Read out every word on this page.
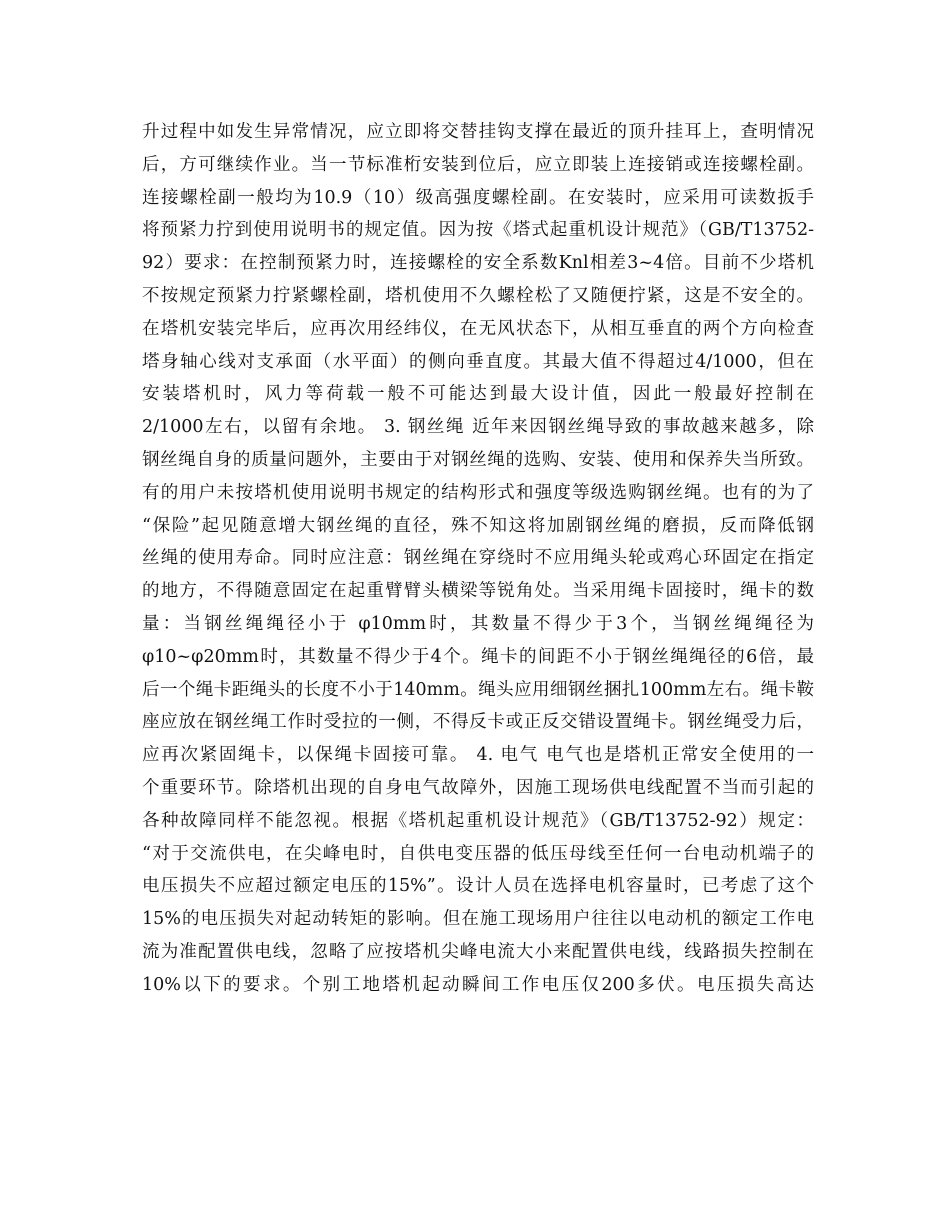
升过程中如发生异常情况，应立即将交替挂钩支撑在最近的顶升挂耳上，查明情况
后，方可继续作业。当一节标准桁安装到位后，应立即装上连接销或连接螺栓副。
连接螺栓副一般均为10.9（10）级高强度螺栓副。在安装时，应采用可读数扳手
将预紧力拧到使用说明书的规定值。因为按《塔式起重机设计规范》（GB/T13752-
92）要求：在控制预紧力时，连接螺栓的安全系数Knl相差3~4倍。目前不少塔机
不按规定预紧力拧紧螺栓副，塔机使用不久螺栓松了又随便拧紧，这是不安全的。
在塔机安装完毕后，应再次用经纬仪，在无风状态下，从相互垂直的两个方向检查
塔身轴心线对支承面（水平面）的侧向垂直度。其最大值不得超过4/1000，但在
安装塔机时，风力等荷载一般不可能达到最大设计值，因此一般最好控制在
2/1000左右，以留有余地。 3. 钢丝绳 近年来因钢丝绳导致的事故越来越多，除
钢丝绳自身的质量问题外，主要由于对钢丝绳的选购、安装、使用和保养失当所致。
有的用户未按塔机使用说明书规定的结构形式和强度等级选购钢丝绳。也有的为了
“保险”起见随意增大钢丝绳的直径，殊不知这将加剧钢丝绳的磨损，反而降低钢
丝绳的使用寿命。同时应注意：钢丝绳在穿绕时不应用绳头轮或鸡心环固定在指定
的地方，不得随意固定在起重臂臂头横梁等锐角处。当采用绳卡固接时，绳卡的数
量：当钢丝绳绳径小于 φ10mm时，其数量不得少于3个，当钢丝绳绳径为
φ10~φ20mm时，其数量不得少于4个。绳卡的间距不小于钢丝绳绳径的6倍，最
后一个绳卡距绳头的长度不小于140mm。绳头应用细钢丝捆扎100mm左右。绳卡鞍
座应放在钢丝绳工作时受拉的一侧，不得反卡或正反交错设置绳卡。钢丝绳受力后，
应再次紧固绳卡，以保绳卡固接可靠。 4. 电气 电气也是塔机正常安全使用的一
个重要环节。除塔机出现的自身电气故障外，因施工现场供电线配置不当而引起的
各种故障同样不能忽视。根据《塔机起重机设计规范》（GB/T13752-92）规定：
“对于交流供电，在尖峰电时，自供电变压器的低压母线至任何一台电动机端子的
电压损失不应超过额定电压的15%”。设计人员在选择电机容量时，已考虑了这个
15%的电压损失对起动转矩的影响。但在施工现场用户往往以电动机的额定工作电
流为准配置供电线，忽略了应按塔机尖峰电流大小来配置供电线，线路损失控制在
10%以下的要求。个别工地塔机起动瞬间工作电压仅200多伏。电压损失高达
